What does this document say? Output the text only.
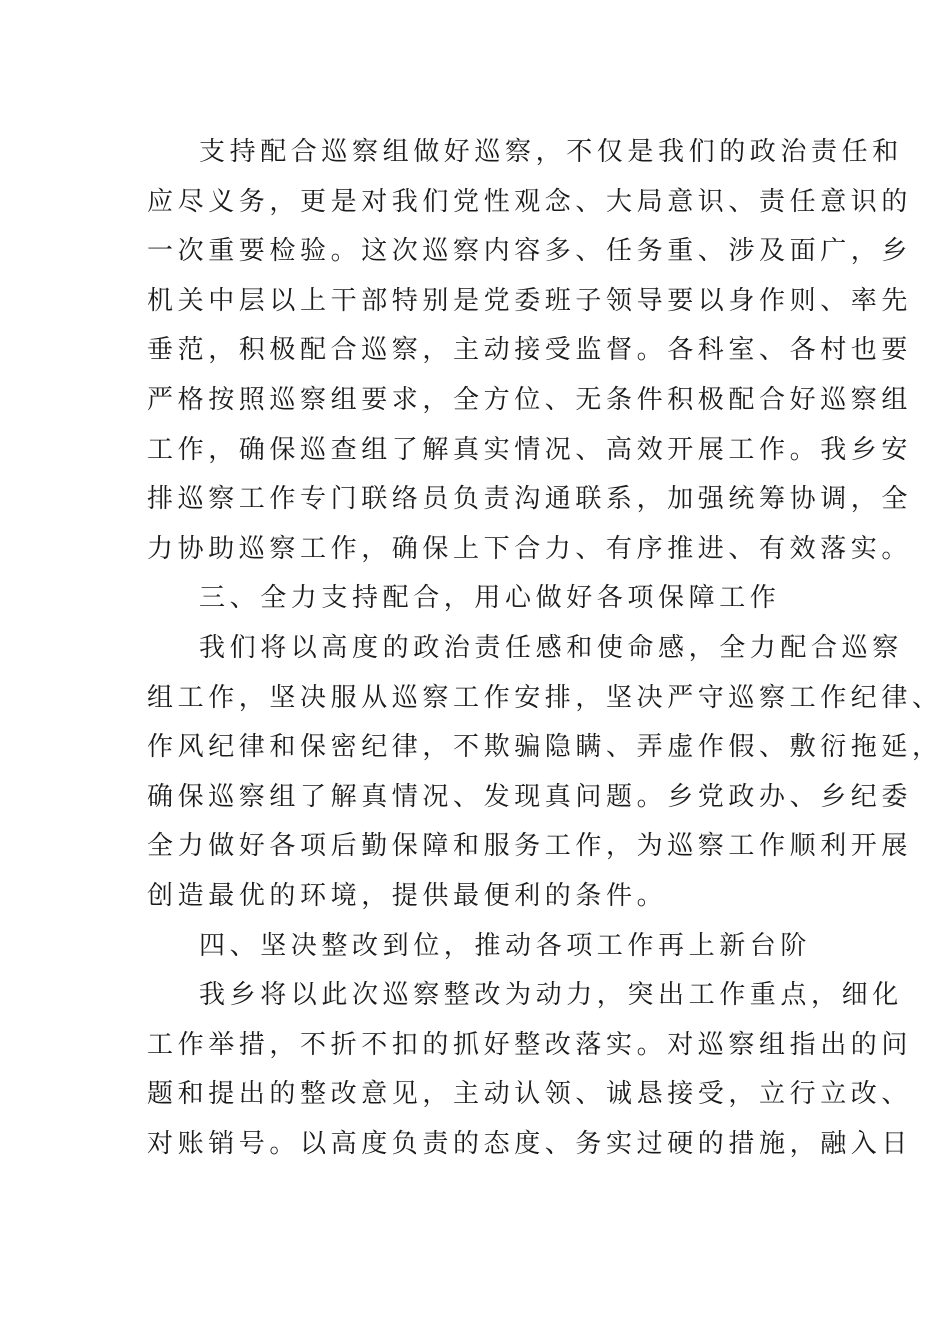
支持配合巡察组做好巡察，不仅是我们的政治责任和
应尽义务，更是对我们党性观念、大局意识、责任意识的
一次重要检验。这次巡察内容多、任务重、涉及面广，乡
机关中层以上干部特别是党委班子领导要以身作则、率先
垂范，积极配合巡察，主动接受监督。各科室、各村也要
严格按照巡察组要求，全方位、无条件积极配合好巡察组
工作，确保巡查组了解真实情况、高效开展工作。我乡安
排巡察工作专门联络员负责沟通联系，加强统筹协调，全
力协助巡察工作，确保上下合力、有序推进、有效落实。
三、全力支持配合，用心做好各项保障工作
我们将以高度的政治责任感和使命感，全力配合巡察
组工作，坚决服从巡察工作安排，坚决严守巡察工作纪律、
作风纪律和保密纪律，不欺骗隐瞒、弄虚作假、敷衍拖延，
确保巡察组了解真情况、发现真问题。乡党政办、乡纪委
全力做好各项后勤保障和服务工作，为巡察工作顺利开展
创造最优的环境，提供最便利的条件。
四、坚决整改到位，推动各项工作再上新台阶
我乡将以此次巡察整改为动力，突出工作重点，细化
工作举措，不折不扣的抓好整改落实。对巡察组指出的问
题和提出的整改意见，主动认领、诚恳接受，立行立改、
对账销号。以高度负责的态度、务实过硬的措施，融入日
